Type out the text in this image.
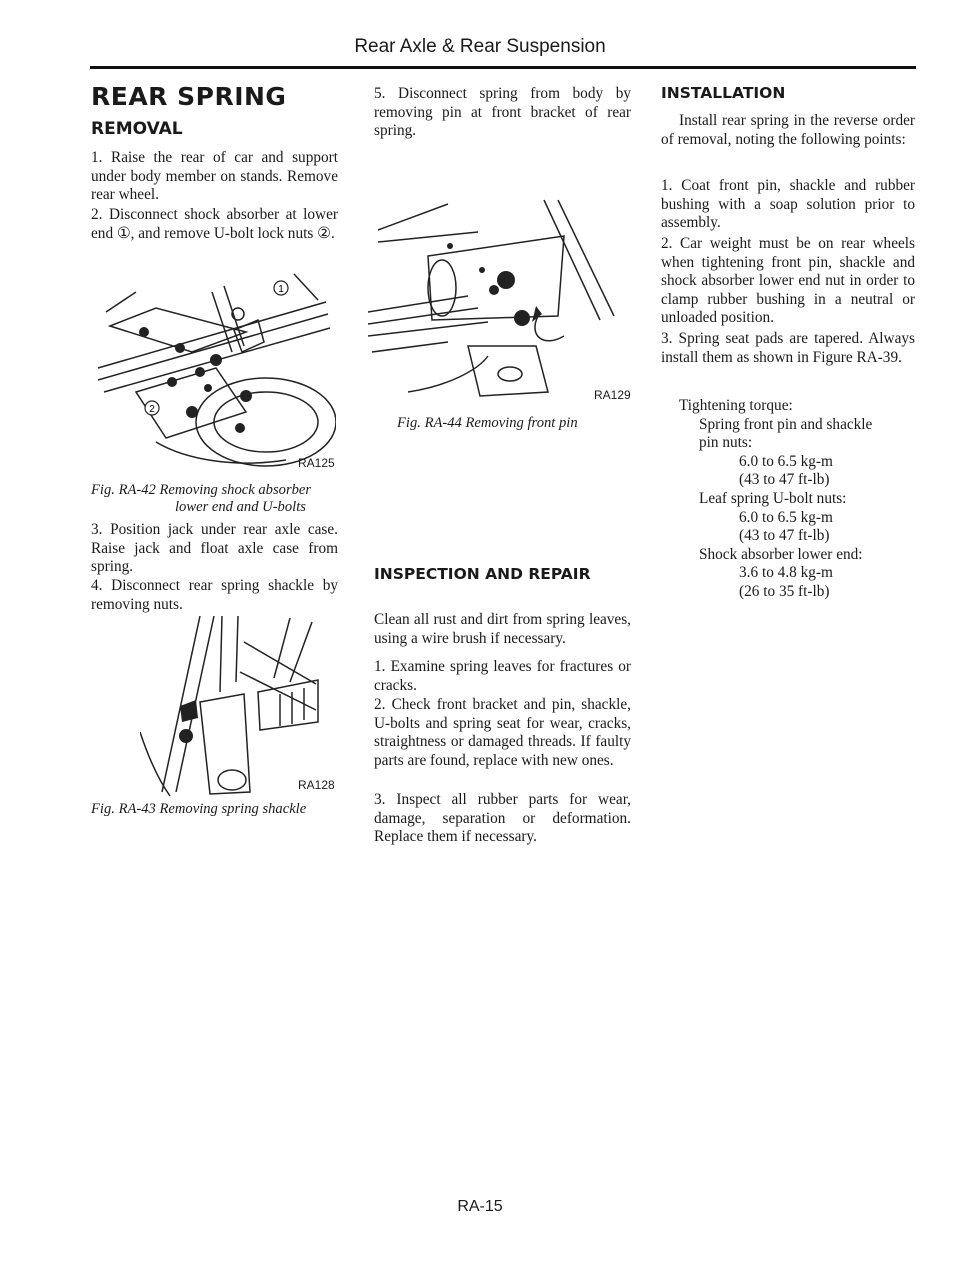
Rear Axle & Rear Suspension
REAR SPRING
REMOVAL

1. Raise the rear of car and support under body member on stands. Remove rear wheel.

2. Disconnect shock absorber at lower end ①, and remove U-bolt lock nuts ②.

1
2
RA125
Fig. RA-42 Removing shock absorber
lower end and U-bolts

3. Position jack under rear axle case. Raise jack and float axle case from spring.

4. Disconnect rear spring shackle by removing nuts.

RA128
Fig. RA-43 Removing spring shackle

5. Disconnect spring from body by removing pin at front bracket of rear spring.

RA129
Fig. RA-44 Removing front pin
INSPECTION AND REPAIR

Clean all rust and dirt from spring leaves, using a wire brush if necessary.

1. Examine spring leaves for fractures or cracks.

2. Check front bracket and pin, shackle, U-bolts and spring seat for wear, cracks, straightness or damaged threads. If faulty parts are found, replace with new ones.

3. Inspect all rubber parts for wear, damage, separation or deformation. Replace them if necessary.

INSTALLATION

Install rear spring in the reverse order of removal, noting the following points:

1. Coat front pin, shackle and rubber bushing with a soap solution prior to assembly.

2. Car weight must be on rear wheels when tightening front pin, shackle and shock absorber lower end nut in order to clamp rubber bushing in a neutral or unloaded position.

3. Spring seat pads are tapered. Always install them as shown in Figure RA-39.

Tightening torque:
Spring front pin and shackle
pin nuts:
6.0 to 6.5 kg-m
(43 to 47 ft-lb)
Leaf spring U-bolt nuts:
6.0 to 6.5 kg-m
(43 to 47 ft-lb)
Shock absorber lower end:
3.6 to 4.8 kg-m
(26 to 35 ft-lb)
RA-15
